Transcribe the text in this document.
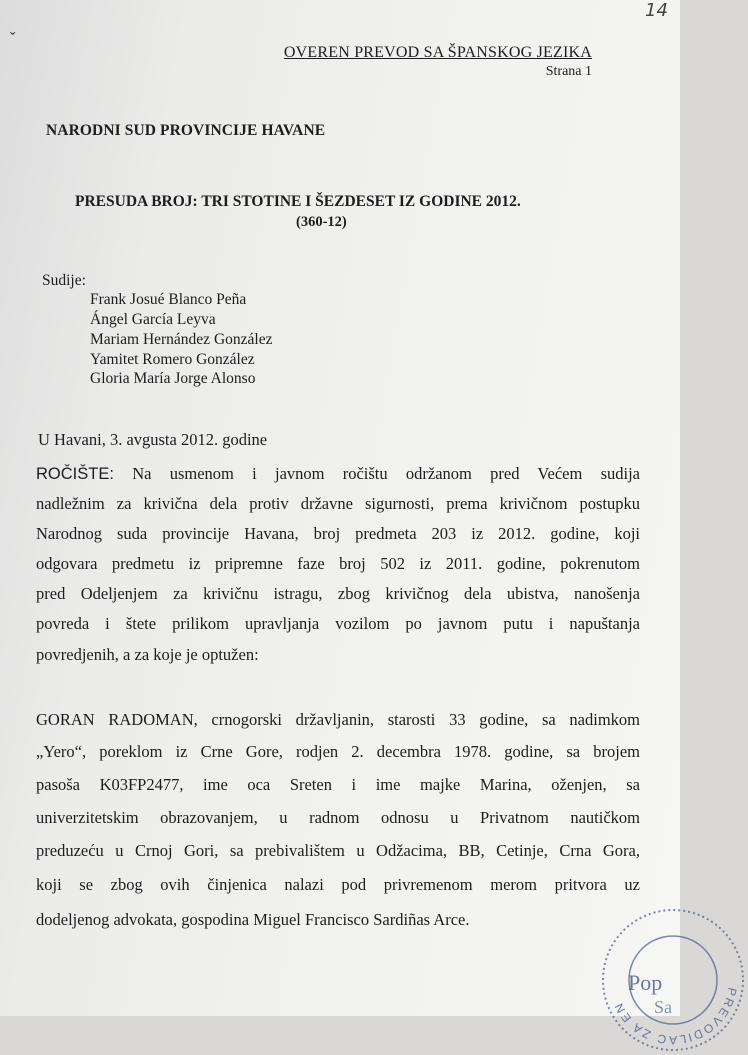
14
ˇ
OVEREN PREVOD SA ŠPANSKOG JEZIKA
Strana 1
NARODNI SUD PROVINCIJE HAVANE
PRESUDA BROJ: TRI STOTINE I ŠEZDESET IZ GODINE 2012.
(360-12)
Sudije:
Frank Josué Blanco Peña
Ángel García Leyva
Mariam Hernández González
Yamitet Romero González
Gloria María Jorge Alonso
U Havani, 3. avgusta 2012. godine
ROČIŠTE: Na usmenom i javnom ročištu održanom pred Većem sudija
nadležnim za krivična dela protiv državne sigurnosti, prema krivičnom postupku
Narodnog suda provincije Havana, broj predmeta 203 iz 2012. godine, koji
odgovara predmetu iz pripremne faze broj 502 iz 2011. godine, pokrenutom
pred Odeljenjem za krivičnu istragu, zbog krivičnog dela ubistva, nanošenja
povreda i štete prilikom upravljanja vozilom po javnom putu i napuštanja
povredjenih, a za koje je optužen:
GORAN RADOMAN, crnogorski državljanin, starosti 33 godine, sa nadimkom
„Yero“, poreklom iz Crne Gore, rodjen 2. decembra 1978. godine, sa brojem
pasoša K03FP2477, ime oca Sreten i ime majke Marina, oženjen, sa
univerzitetskim obrazovanjem, u radnom odnosu u Privatnom nautičkom
preduzeću u Crnoj Gori, sa prebivalištem u Odžacima, BB, Cetinje, Crna Gora,
koji se zbog ovih činjenica nalazi pod privremenom merom pritvora uz
dodeljenog advokata, gospodina Miguel Francisco Sardiñas Arce.
PREVODILAC ZA EN
Pop
Sa
